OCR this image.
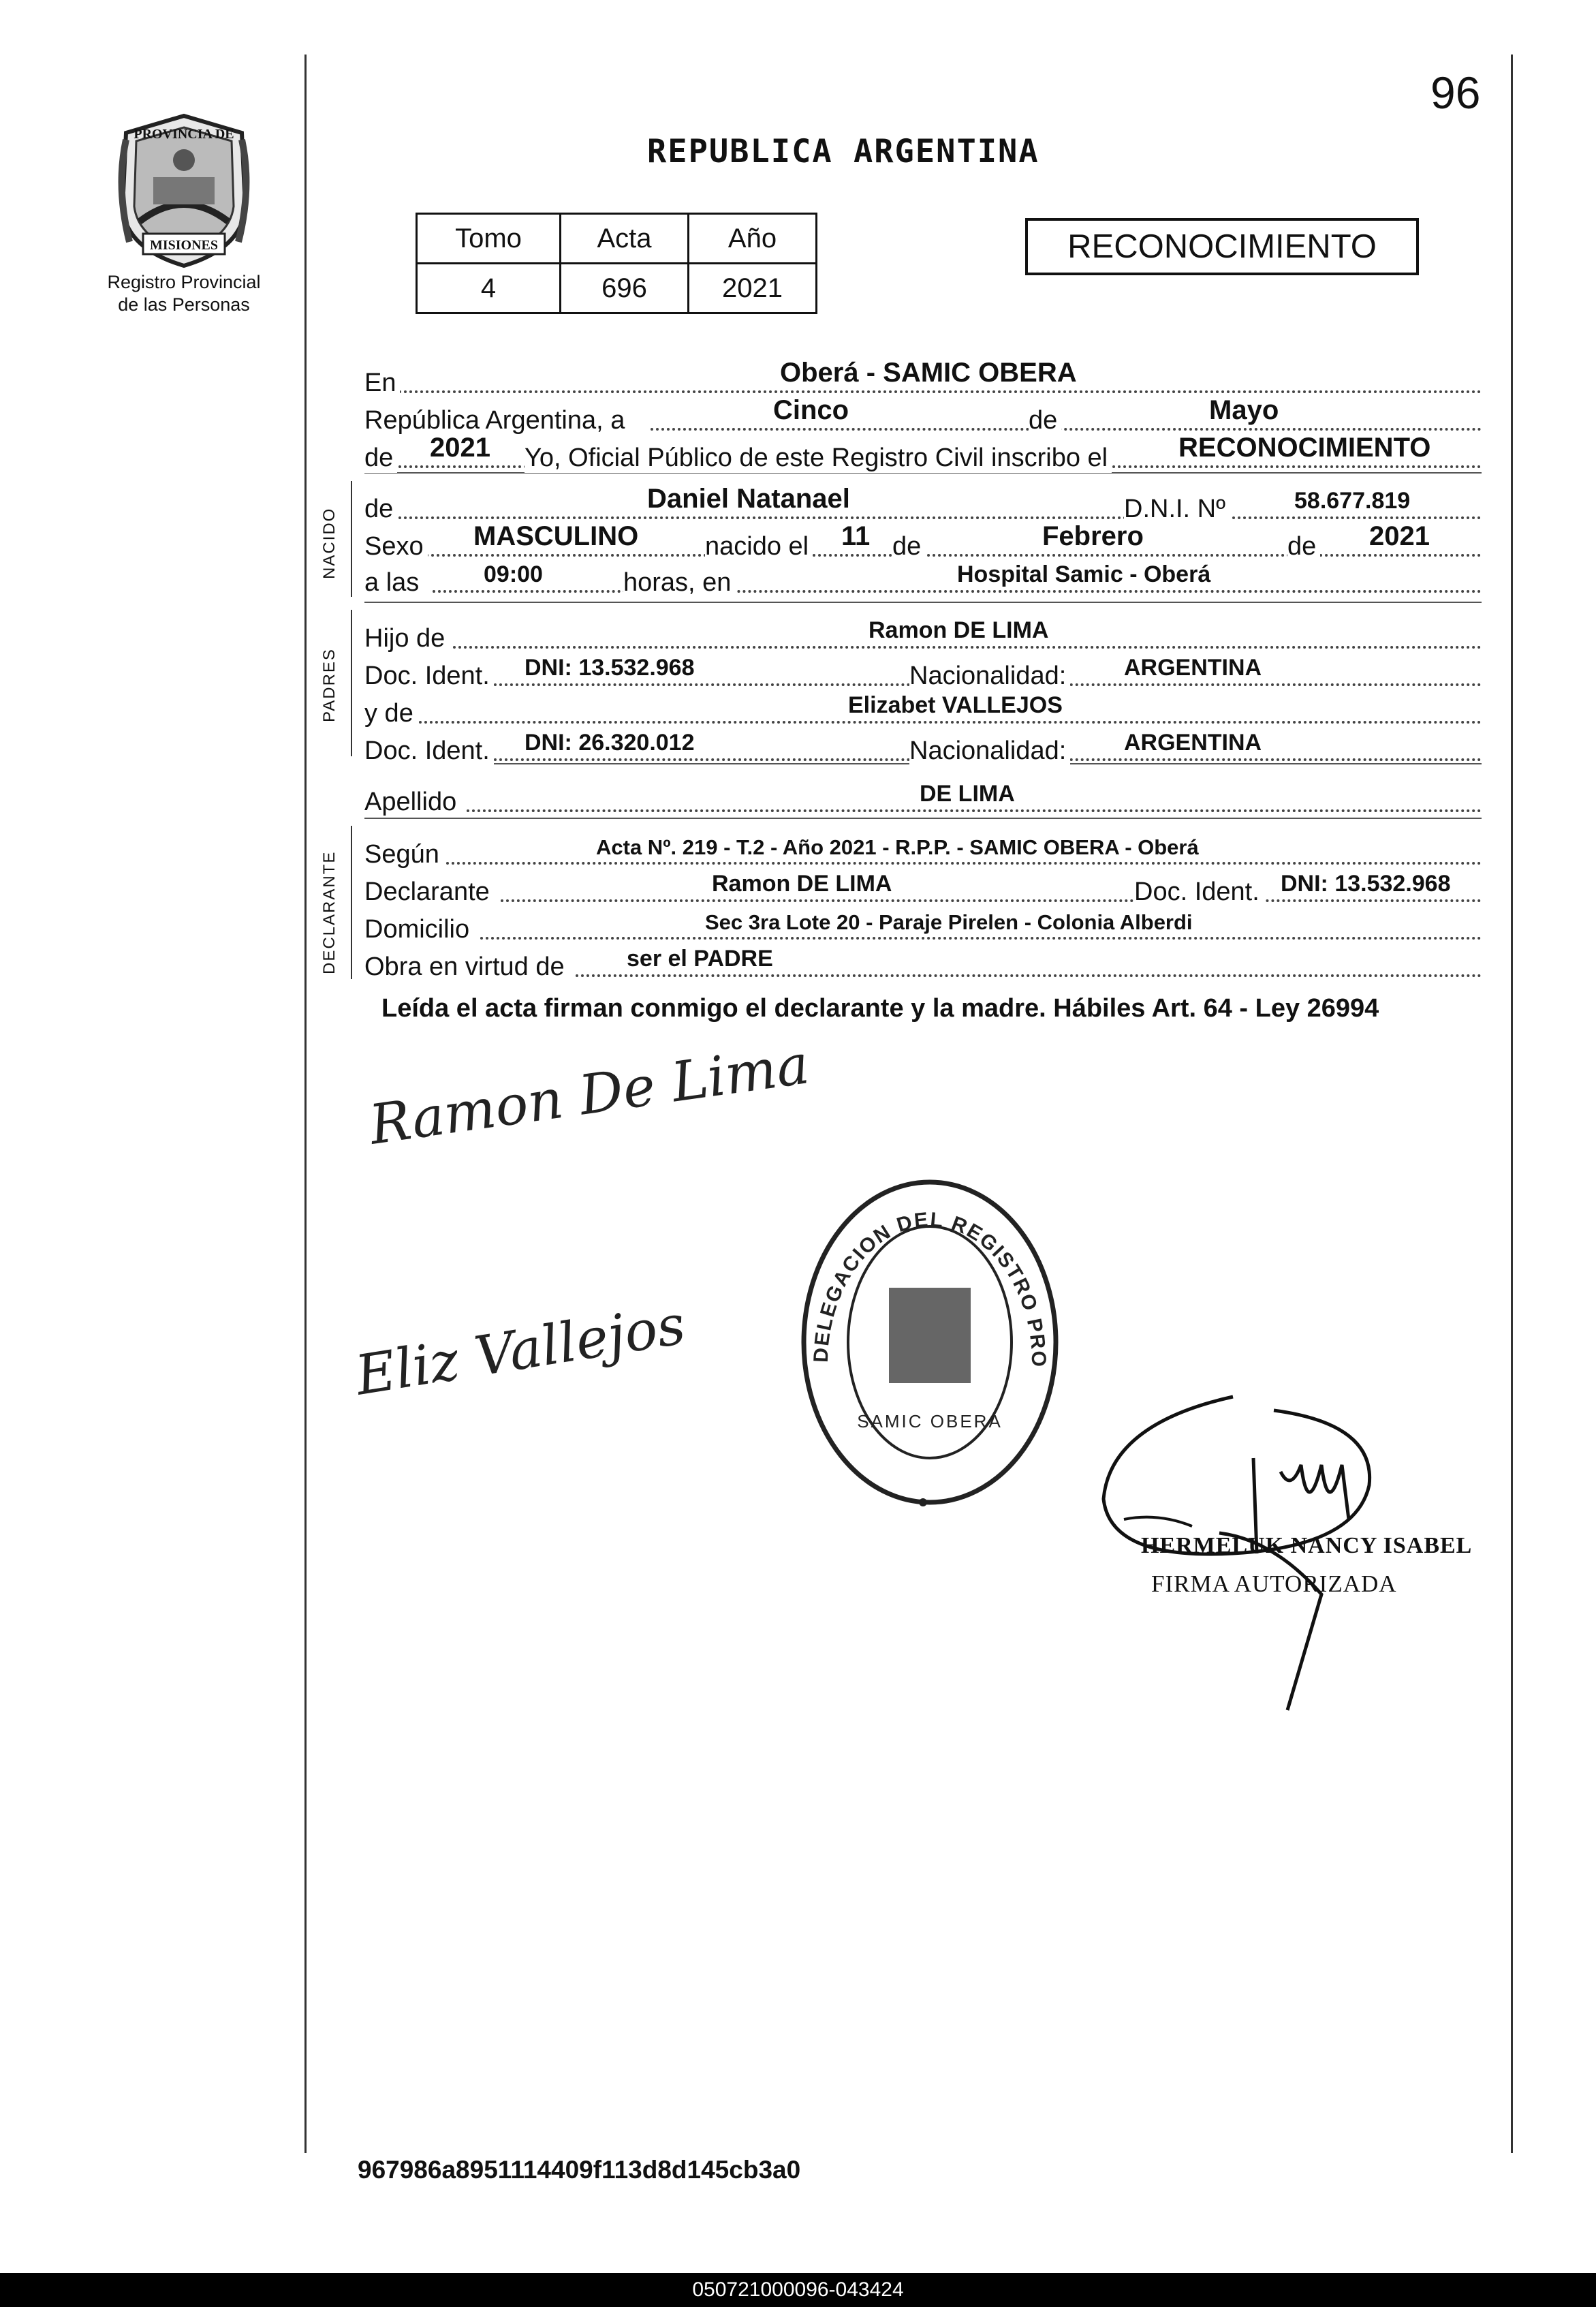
96
PROVINCIA DE
MISIONES
Registro Provincial
de las Personas
REPUBLICA ARGENTINA
Tomo	Acta	Año
4	696	2021
RECONOCIMIENTO
NACIDO
PADRES
DECLARANTE
En	Oberá - SAMIC OBERA
República Argentina, a	Cinco	de	Mayo
de 2021 Yo, Oficial Público de este Registro Civil inscribo el	RECONOCIMIENTO
de	Daniel Natanael	D.N.I. Nº	58.677.819
Sexo MASCULINO	nacido el 11 de	Febrero	de 2021
a las	09:00	horas, en	Hospital Samic - Oberá
Hijo de	Ramon DE LIMA
Doc. Ident. DNI: 13.532.968	Nacionalidad: ARGENTINA
y de	Elizabet VALLEJOS
Doc. Ident. DNI: 26.320.012	Nacionalidad: ARGENTINA
Apellido	DE LIMA
Según	Acta Nº. 219 - T.2 - Año 2021 - R.P.P. - SAMIC OBERA - Oberá
Declarante	Ramon DE LIMA	Doc. Ident. DNI: 13.532.968
Domicilio	Sec 3ra Lote 20 - Paraje Pirelen - Colonia Alberdi
Obra en virtud de	ser el PADRE
Leída el acta firman conmigo el declarante y la madre. Hábiles Art. 64 - Ley 26994
Ramon De Lima
Eliz Vallejos	DELEGACION DEL REGISTRO PRO
SAMIC OBERA
HERMELUK NANCY ISABEL
FIRMA AUTORIZADA
967986a8951114409f113d8d145cb3a0
050721000096-043424
